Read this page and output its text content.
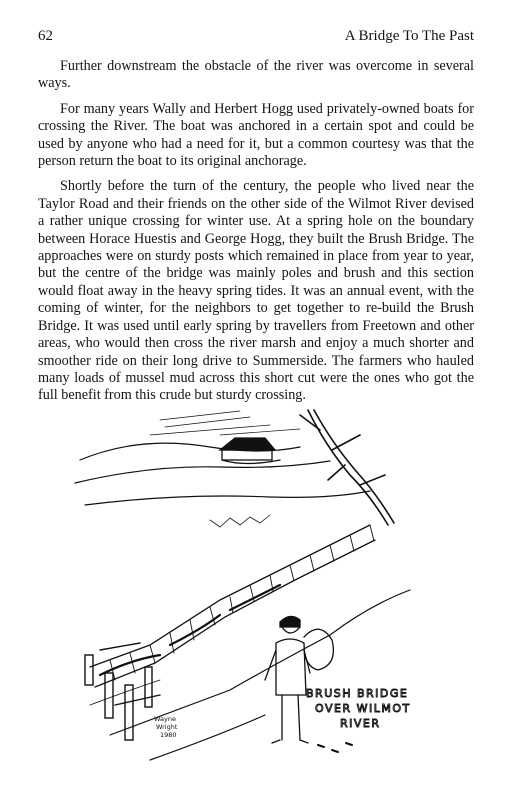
62	A Bridge To The Past

Further downstream the obstacle of the river was overcome in several ways.

For many years Wally and Herbert Hogg used privately-owned boats for crossing the River. The boat was anchored in a certain spot and could be used by anyone who had a need for it, but a common courtesy was that the person return the boat to its original anchorage.

Shortly before the turn of the century, the people who lived near the Taylor Road and their friends on the other side of the Wilmot River devised a rather unique crossing for winter use. At a spring hole on the boundary between Horace Huestis and George Hogg, they built the Brush Bridge. The approaches were on sturdy posts which remained in place from year to year, but the centre of the bridge was mainly poles and brush and this section would float away in the heavy spring tides. It was an annual event, with the coming of winter, for the neighbors to get together to re-build the Brush Bridge. It was used until early spring by travellers from Freetown and other areas, who would then cross the river marsh and enjoy a much shorter and smoother ride on their long drive to Summerside. The farmers who hauled many loads of mussel mud across this short cut were the ones who got the full benefit from this crude but sturdy crossing.

BRUSH BRIDGE
OVER WILMOT
RIVER
Wayne
Wright
1980
